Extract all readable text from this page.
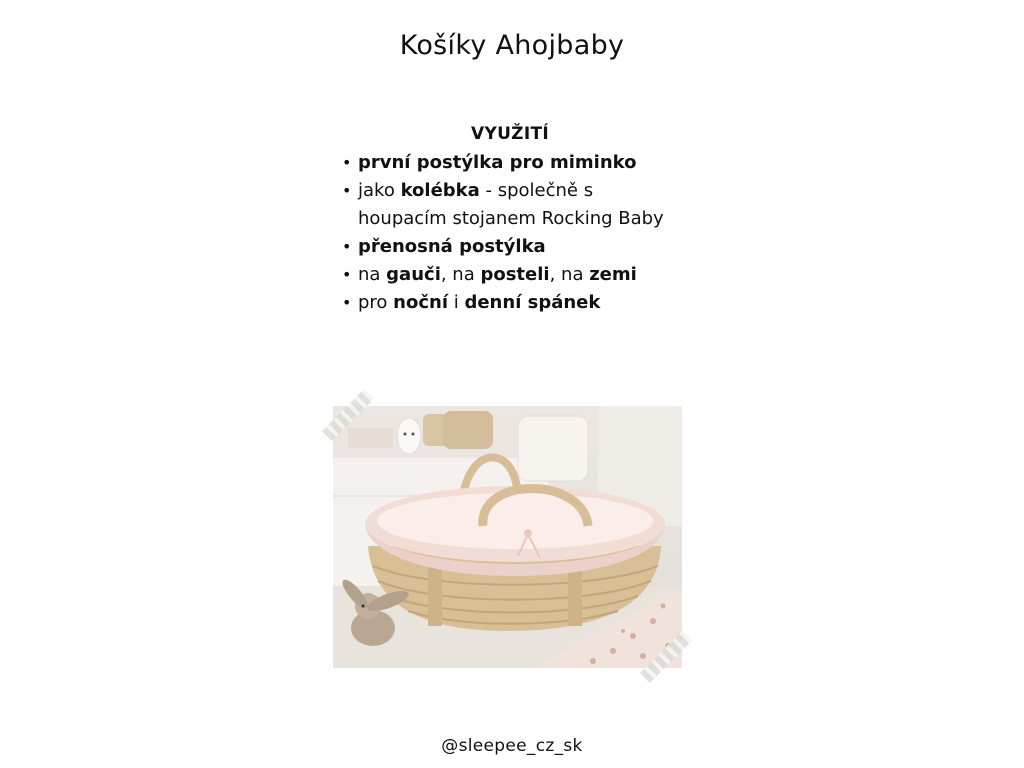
Košíky Ahojbaby
VYUŽITÍ
• první postýlka pro miminko
• jako kolébka - společně s houpacím stojanem Rocking Baby
• přenosná postýlka
• na gauči, na posteli, na zemi
• pro noční i denní spánek
@sleepee_cz_sk
